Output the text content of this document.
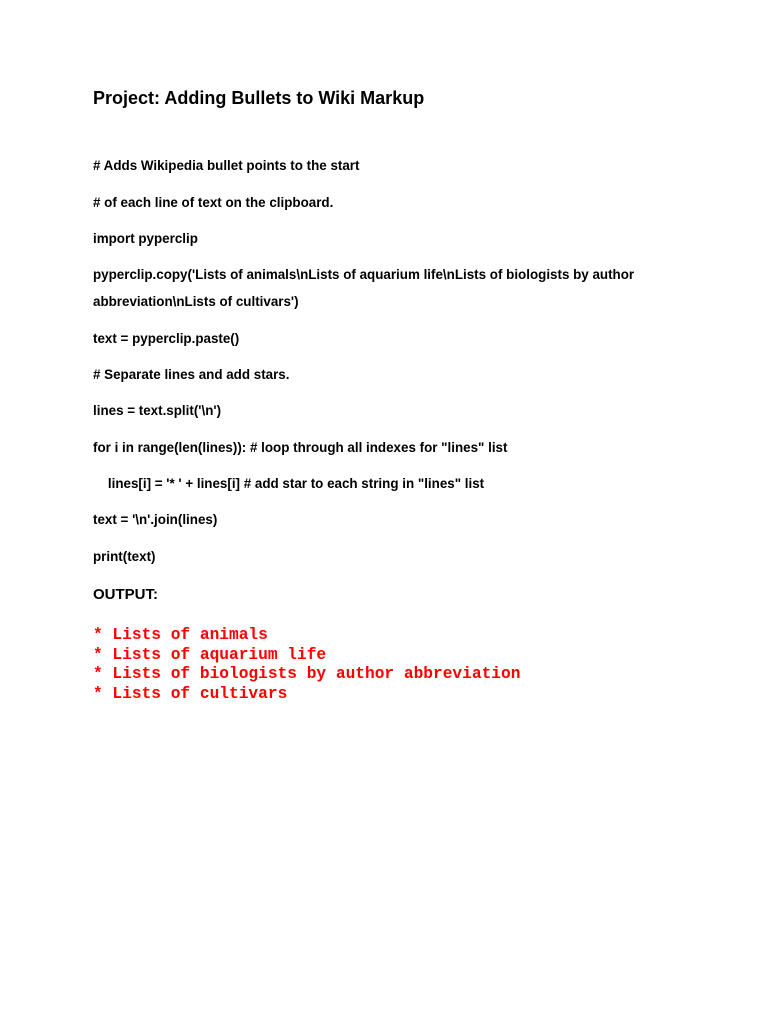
Project: Adding Bullets to Wiki Markup
# Adds Wikipedia bullet points to the start
# of each line of text on the clipboard.
import pyperclip
pyperclip.copy('Lists of animals\nLists of aquarium life\nLists of biologists by author
abbreviation\nLists of cultivars')
text = pyperclip.paste()
# Separate lines and add stars.
lines = text.split('\n')
for i in range(len(lines)): # loop through all indexes for "lines" list
lines[i] = '* ' + lines[i] # add star to each string in "lines" list
text = '\n'.join(lines)
print(text)
OUTPUT:
* Lists of animals
* Lists of aquarium life
* Lists of biologists by author abbreviation
* Lists of cultivars
